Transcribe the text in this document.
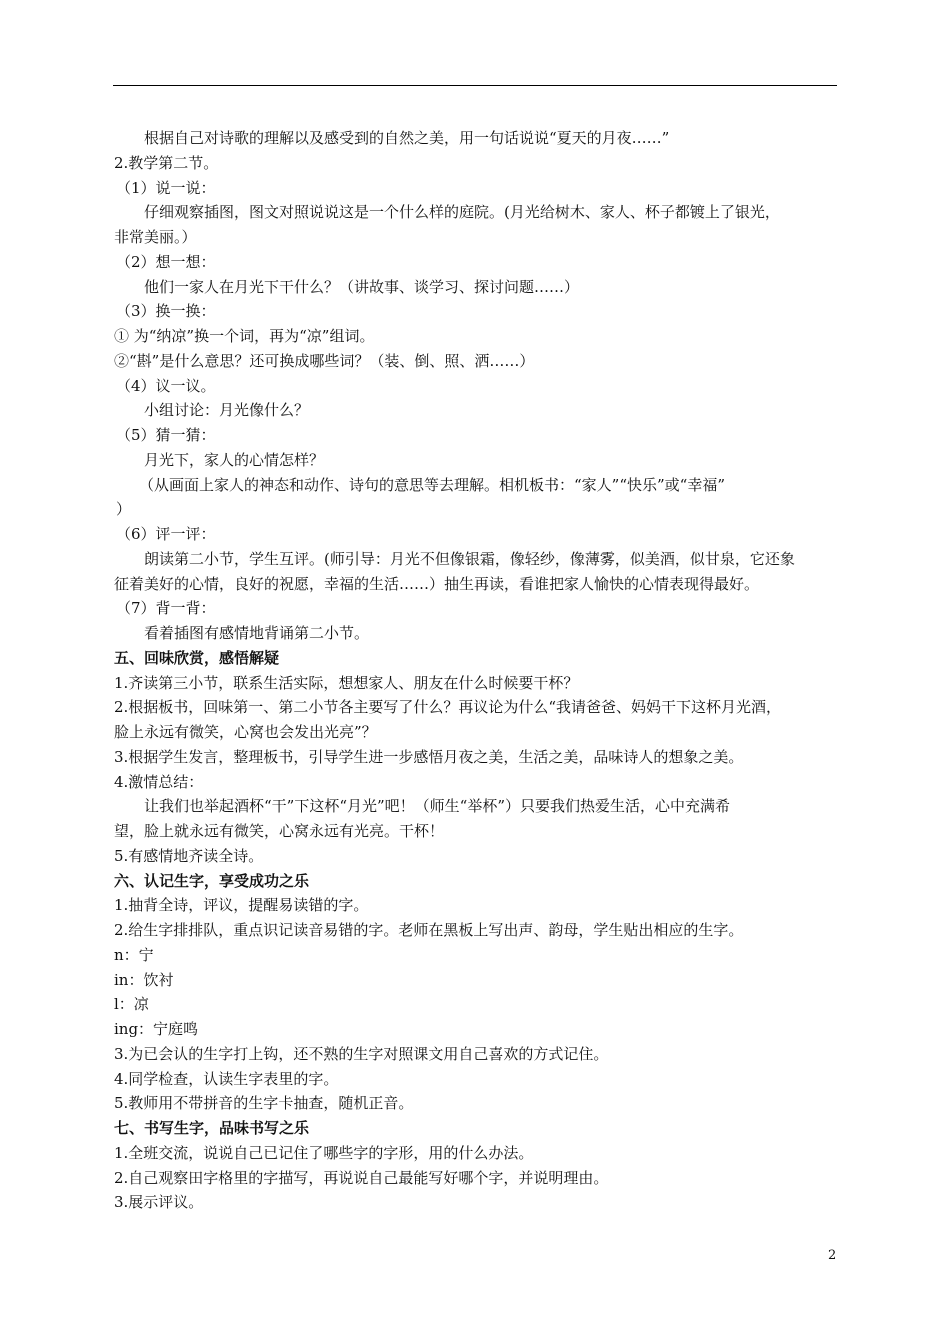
根据自己对诗歌的理解以及感受到的自然之美，用一句话说说“夏天的月夜……”
2.教学第二节。
（1）说一说：
仔细观察插图，图文对照说说这是一个什么样的庭院。(月光给树木、家人、杯子都镀上了银光，
非常美丽。）
（2）想一想：
他们一家人在月光下干什么？（讲故事、谈学习、探讨问题……）
（3）换一换：
① 为“纳凉”换一个词，再为“凉”组词。
②“斟”是什么意思？还可换成哪些词？（装、倒、照、洒……）
（4）议一议。
小组讨论：月光像什么？
（5）猜一猜：
月光下，家人的心情怎样？
（从画面上家人的神态和动作、诗句的意思等去理解。相机板书：“家人”“快乐”或“幸福”
）
（6）评一评：
朗读第二小节，学生互评。(师引导：月光不但像银霜，像轻纱，像薄雾，似美酒，似甘泉，它还象
征着美好的心情，良好的祝愿，幸福的生活……）抽生再读，看谁把家人愉快的心情表现得最好。
（7）背一背：
看着插图有感情地背诵第二小节。
五、回味欣赏，感悟解疑
1.齐读第三小节，联系生活实际，想想家人、朋友在什么时候要干杯？
2.根据板书，回味第一、第二小节各主要写了什么？再议论为什么“我请爸爸、妈妈干下这杯月光酒，
脸上永远有微笑，心窝也会发出光亮”？
3.根据学生发言，整理板书，引导学生进一步感悟月夜之美，生活之美，品味诗人的想象之美。
4.激情总结：
让我们也举起酒杯“干”下这杯“月光”吧！（师生“举杯”）只要我们热爱生活，心中充满希
望，脸上就永远有微笑，心窝永远有光亮。干杯！
5.有感情地齐读全诗。
六、认记生字，享受成功之乐
1.抽背全诗，评议，提醒易读错的字。
2.给生字排排队，重点识记读音易错的字。老师在黑板上写出声、韵母，学生贴出相应的生字。
n：宁
in：饮衬
l：凉
ing：宁庭鸣
3.为已会认的生字打上钩，还不熟的生字对照课文用自己喜欢的方式记住。
4.同学检查，认读生字表里的字。
5.教师用不带拼音的生字卡抽查，随机正音。
七、书写生字，品味书写之乐
1.全班交流，说说自己已记住了哪些字的字形，用的什么办法。
2.自己观察田字格里的字描写，再说说自己最能写好哪个字，并说明理由。
3.展示评议。
2
